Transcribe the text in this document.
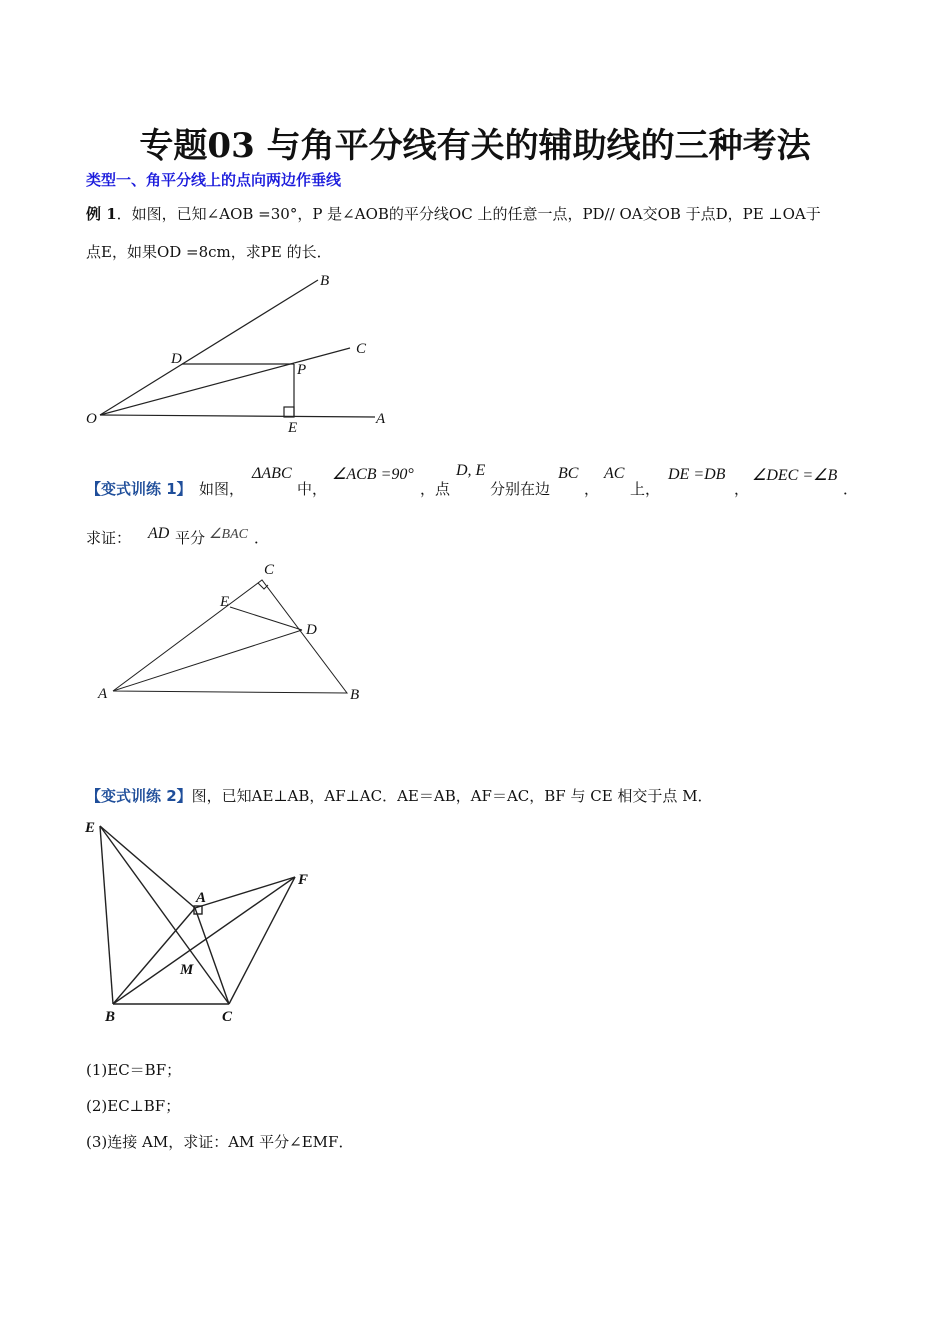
专题03 与角平分线有关的辅助线的三种考法
类型一、角平分线上的点向两边作垂线
例 1．如图，已知∠AOB =30°，P 是∠AOB的平分线OC 上的任意一点，PD// OA交OB 于点D，PE ⊥OA于
点E，如果OD =8cm，求PE 的长．
O	A
B
C
D
P
E
A	B
C
D
E
E
F
A
M
B	C
【变式训练 1】 如图，
ΔABC
中，
∠ACB =90°
，点
D, E
分别在边
BC
，
AC
上，
DE =DB
，
∠DEC =∠B
．
求证： AD 平分 ∠BAC ．
【变式训练 2】图，已知AE⊥AB，AF⊥AC．AE＝AB，AF＝AC，BF 与 CE 相交于点 M．
(1)EC＝BF；
(2)EC⊥BF；
(3)连接 AM，求证：AM 平分∠EMF．
